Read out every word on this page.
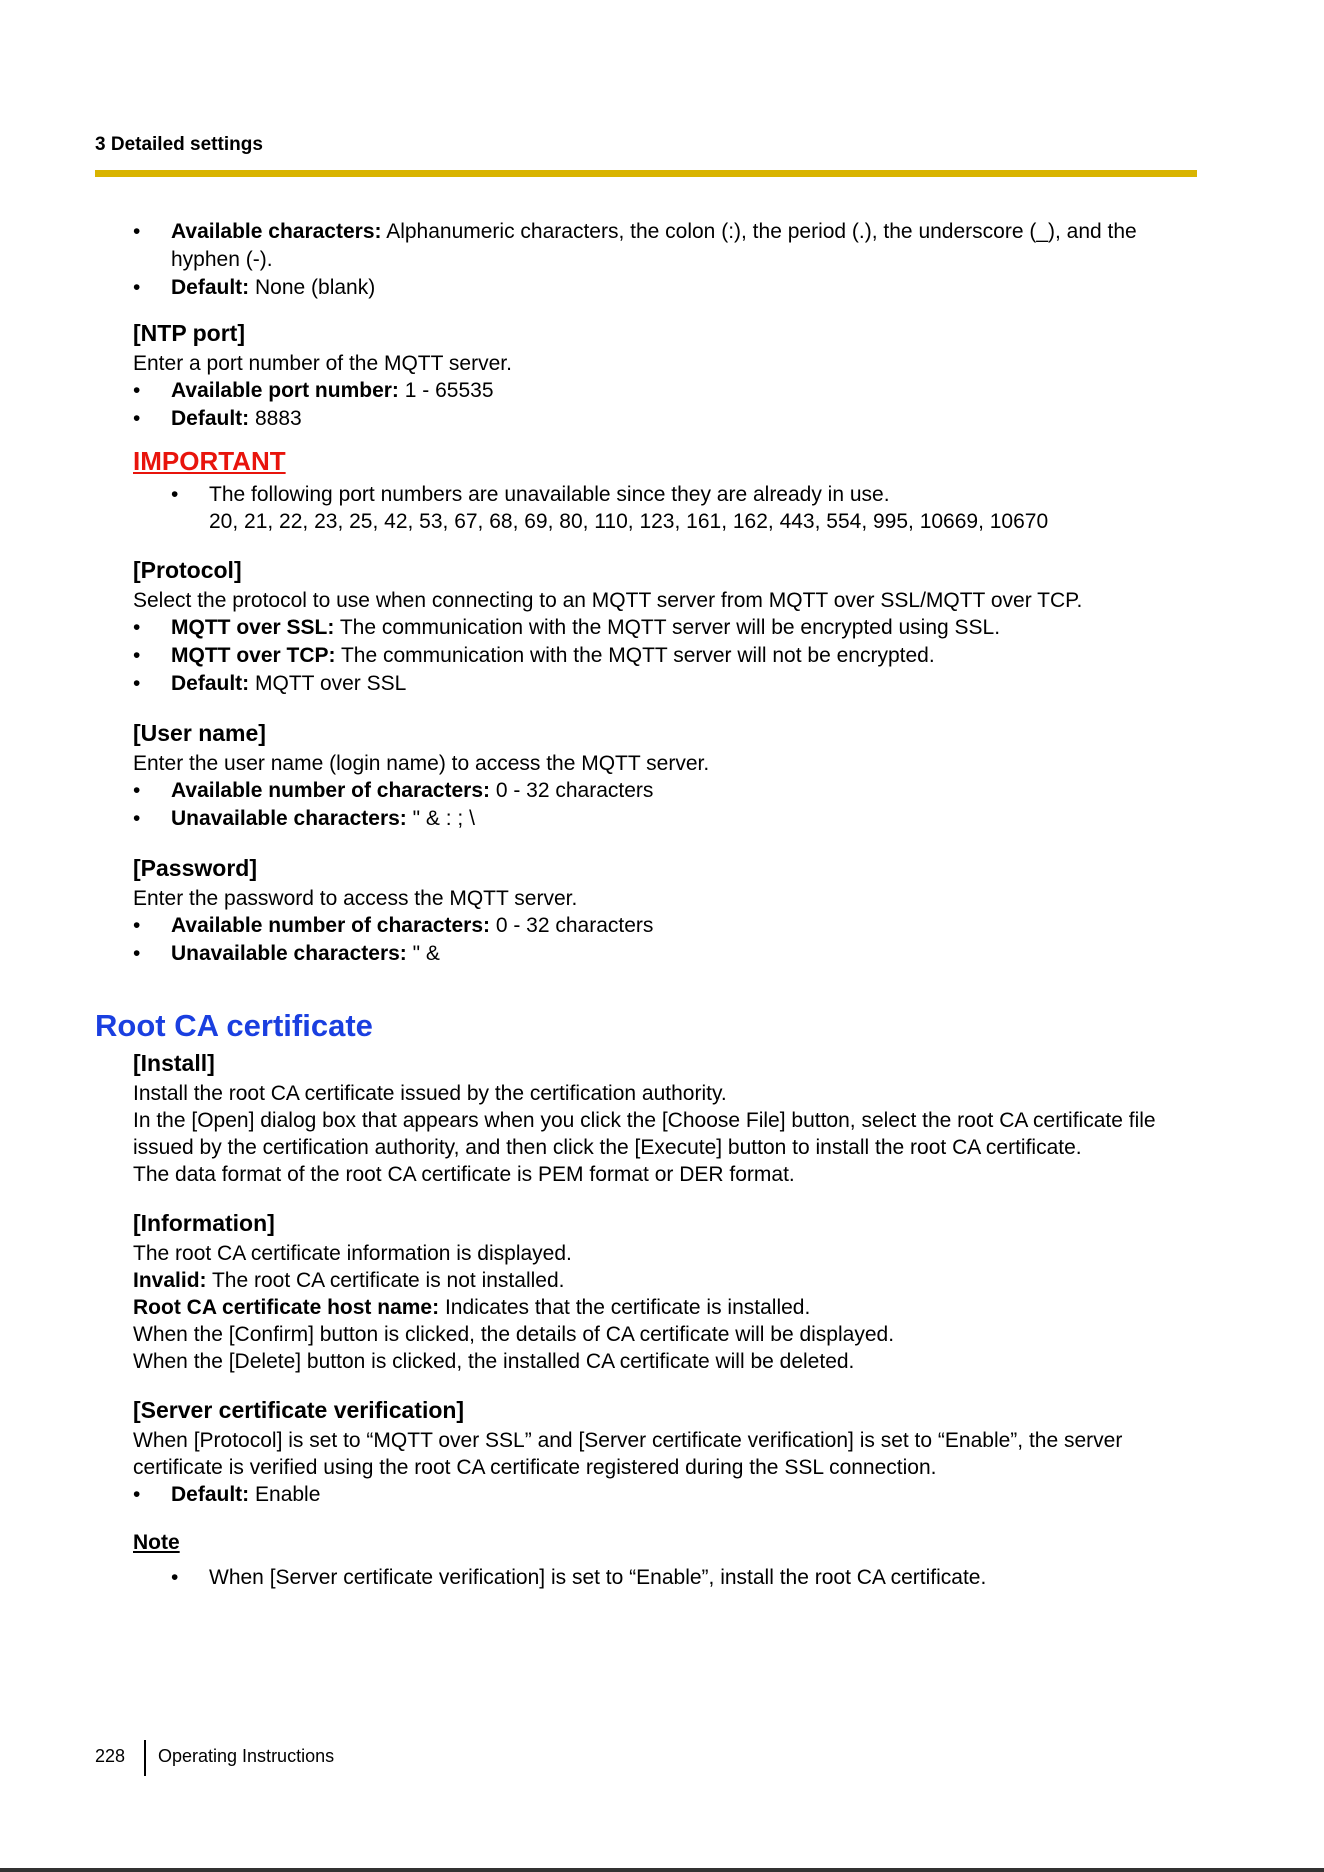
3 Detailed settings
• Available characters: Alphanumeric characters, the colon (:), the period (.), the underscore (_), and the hyphen (-).
• Default: None (blank)
[NTP port]
Enter a port number of the MQTT server.
• Available port number: 1 - 65535
• Default: 8883
IMPORTANT
• The following port numbers are unavailable since they are already in use.
20, 21, 22, 23, 25, 42, 53, 67, 68, 69, 80, 110, 123, 161, 162, 443, 554, 995, 10669, 10670
[Protocol]
Select the protocol to use when connecting to an MQTT server from MQTT over SSL/MQTT over TCP.
• MQTT over SSL: The communication with the MQTT server will be encrypted using SSL.
• MQTT over TCP: The communication with the MQTT server will not be encrypted.
• Default: MQTT over SSL
[User name]
Enter the user name (login name) to access the MQTT server.
• Available number of characters: 0 - 32 characters
• Unavailable characters: " & : ; \
[Password]
Enter the password to access the MQTT server.
• Available number of characters: 0 - 32 characters
• Unavailable characters: " &
Root CA certificate
[Install]
Install the root CA certificate issued by the certification authority.
In the [Open] dialog box that appears when you click the [Choose File] button, select the root CA certificate file issued by the certification authority, and then click the [Execute] button to install the root CA certificate.
The data format of the root CA certificate is PEM format or DER format.
[Information]
The root CA certificate information is displayed.
Invalid: The root CA certificate is not installed.
Root CA certificate host name: Indicates that the certificate is installed.
When the [Confirm] button is clicked, the details of CA certificate will be displayed.
When the [Delete] button is clicked, the installed CA certificate will be deleted.
[Server certificate verification]
When [Protocol] is set to “MQTT over SSL” and [Server certificate verification] is set to “Enable”, the server certificate is verified using the root CA certificate registered during the SSL connection.
• Default: Enable
Note
• When [Server certificate verification] is set to “Enable”, install the root CA certificate.
228 Operating Instructions
